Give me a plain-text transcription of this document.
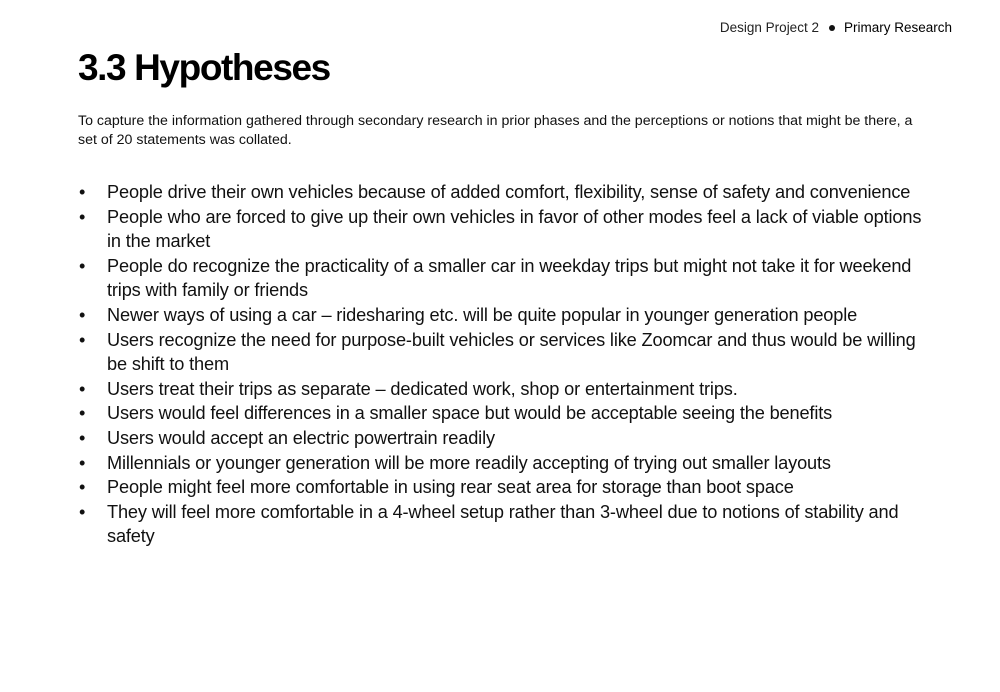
Design Project 2 Primary Research
3.3 Hypotheses

To capture the information gathered through secondary research in prior phases and the perceptions or notions that might be there, a set of 20 statements was collated.

•	People drive their own vehicles because of added comfort, flexibility, sense of safety and convenience
•	People who are forced to give up their own vehicles in favor of other modes feel a lack of viable options in the market
•	People do recognize the practicality of a smaller car in weekday trips but might not take it for weekend trips with family or friends
•	Newer ways of using a car – ridesharing etc. will be quite popular in younger generation people
•	Users recognize the need for purpose-built vehicles or services like Zoomcar and thus would be willing be shift to them
•	Users treat their trips as separate – dedicated work, shop or entertainment trips.
•	Users would feel differences in a smaller space but would be acceptable seeing the benefits
•	Users would accept an electric powertrain readily
•	Millennials or younger generation will be more readily accepting of trying out smaller layouts
•	People might feel more comfortable in using rear seat area for storage than boot space
•	They will feel more comfortable in a 4-wheel setup rather than 3-wheel due to notions of stability and safety
